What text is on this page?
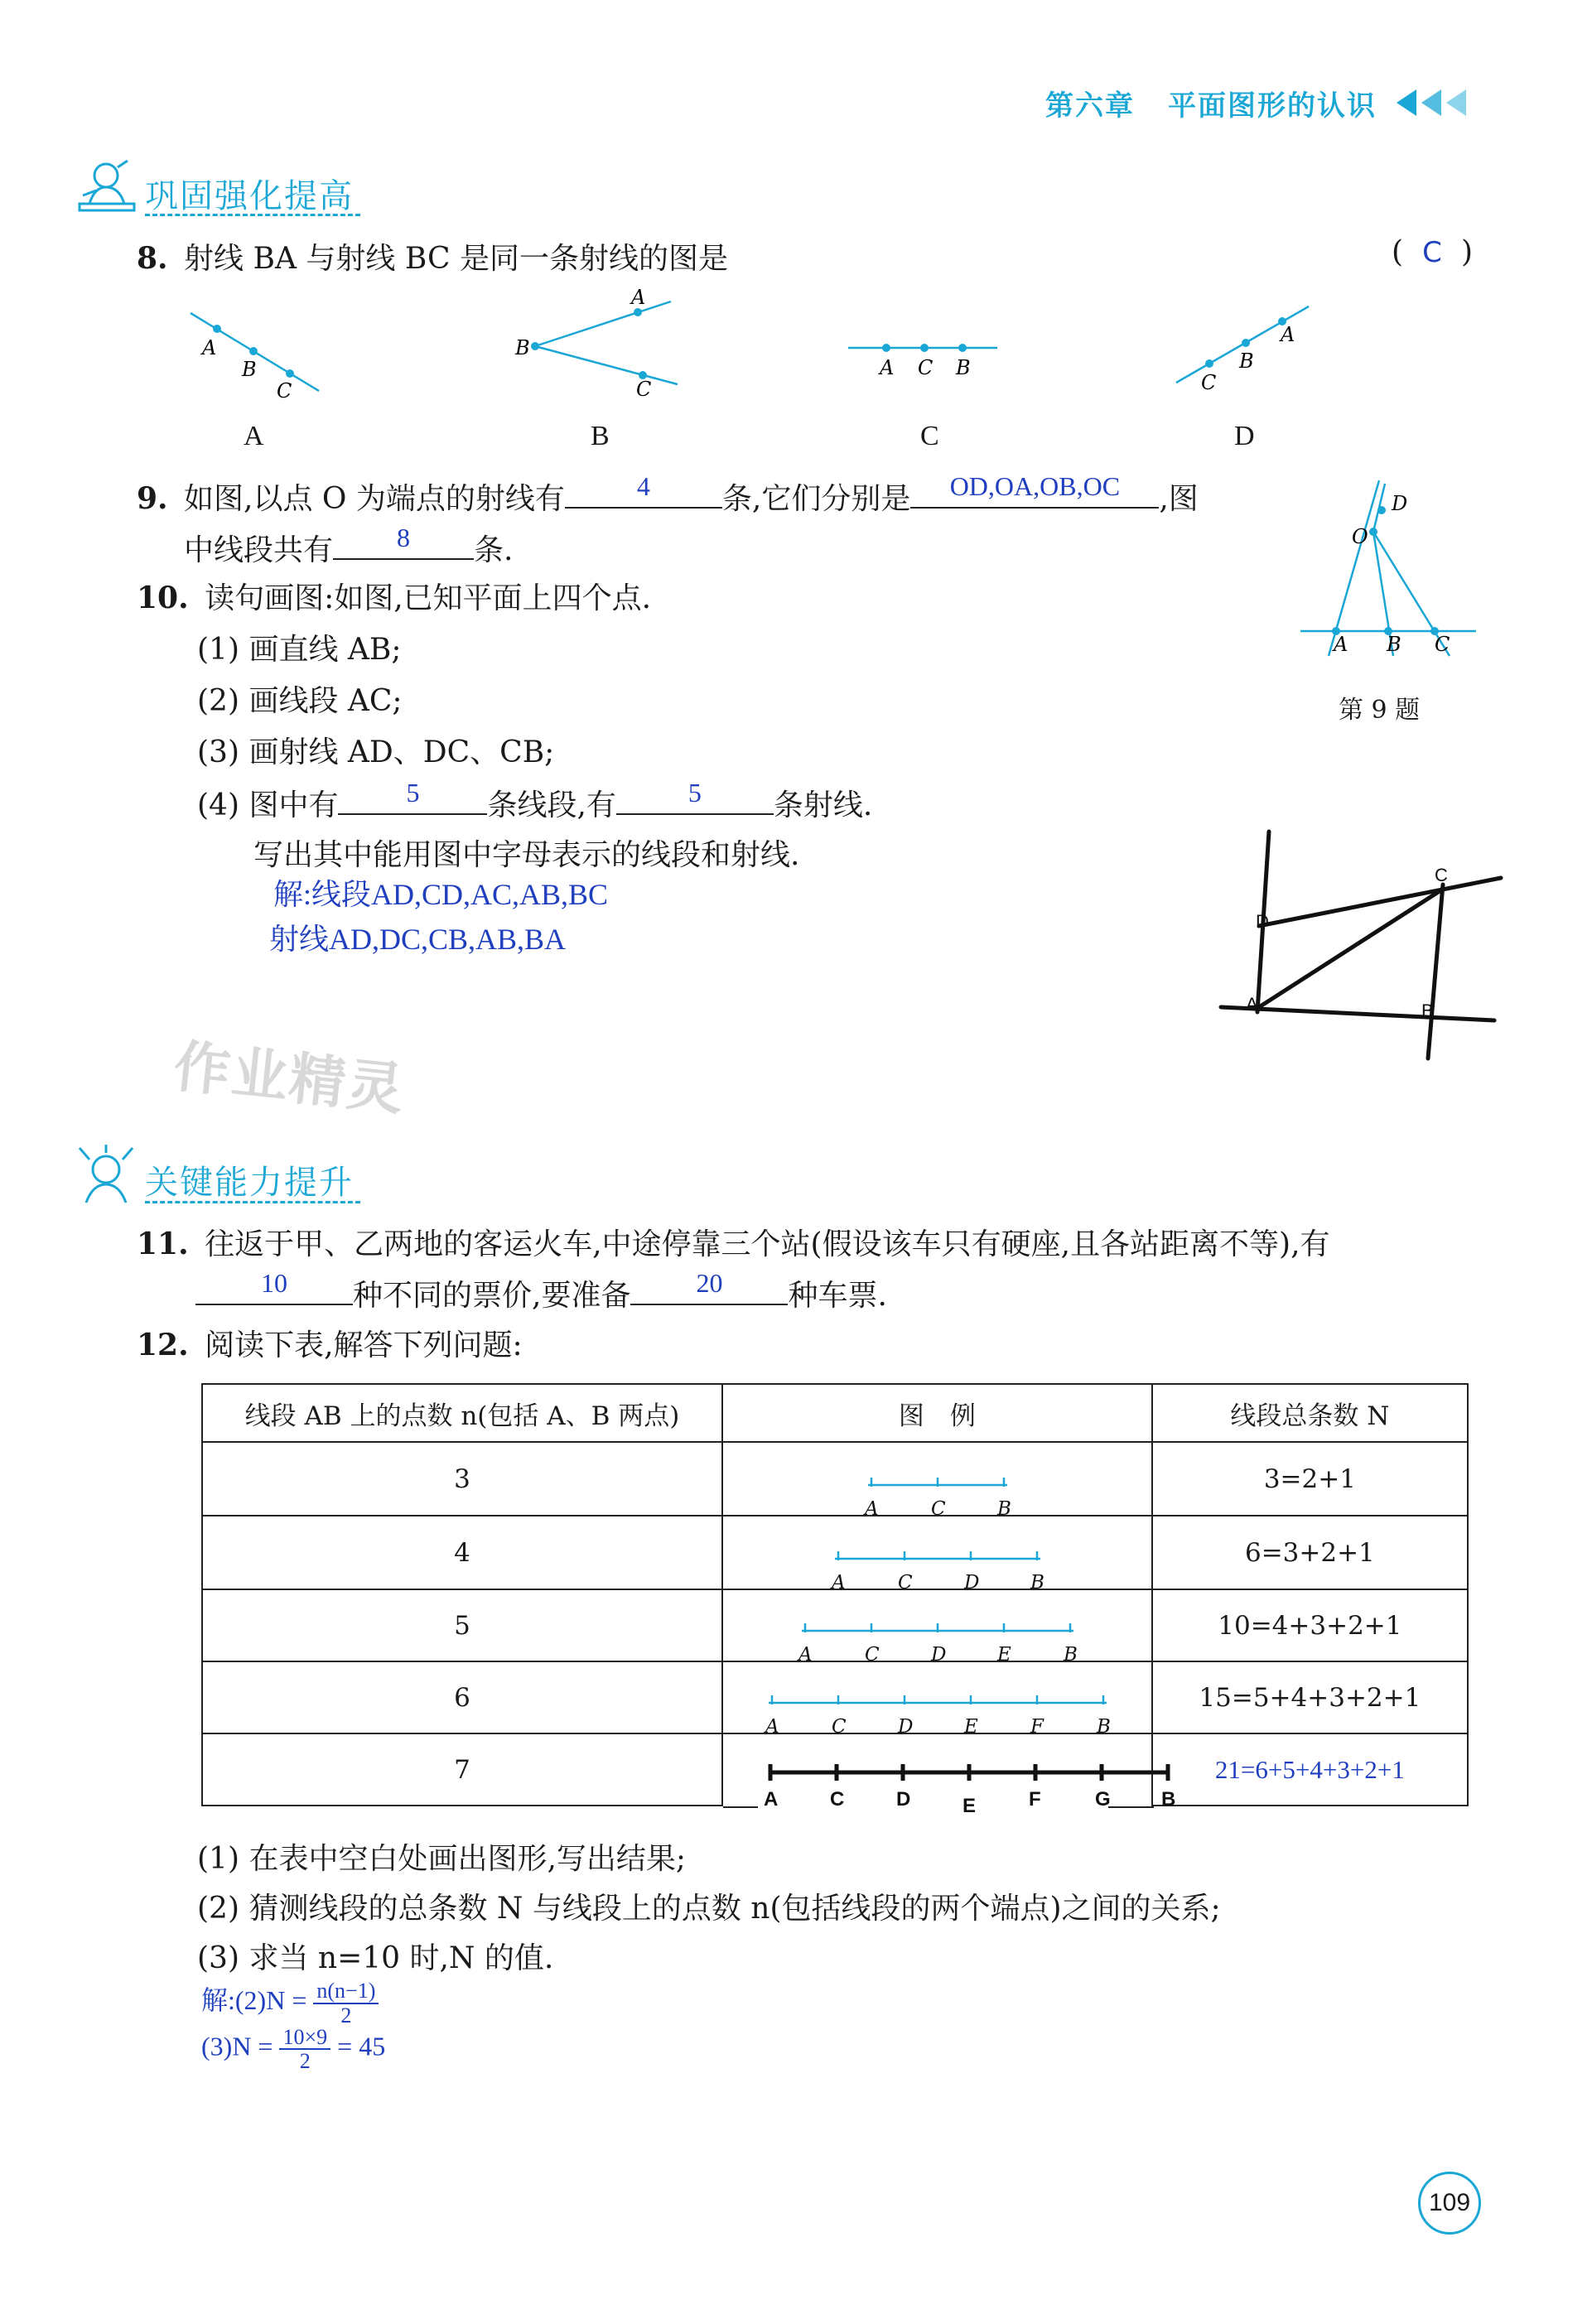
第六章 平面图形的认识
巩固强化提高
8. 射线 BA 与射线 BC 是同一条射线的图是	( C )
A
B
C
B
A
C
A C B
C
B
A
A	B	C	D
9. 如图,以点 O 为端点的射线有	4	条,它们分别是	OD,OA,OB,OC	,图
中线段共有	8	条.	O
D
A B C
第 9 题
10. 读句画图:如图,已知平面上四个点.
(1) 画直线 AB;
(2) 画线段 AC;
(3) 画射线 AD、DC、CB;
(4) 图中有	5	条线段,有	5	条射线.
写出其中能用图中字母表示的线段和射线.
解:线段AD,CD,AC,AB,BC
射线AD,DC,CB,AB,BA
D
C
A	B
作业精灵
关键能力提升
11. 往返于甲、乙两地的客运火车,中途停靠三个站(假设该车只有硬座,且各站距离不等),有
10	种不同的票价,要准备	20	种车票.
12. 阅读下表,解答下列问题:
线段 AB 上的点数 n(包括 A、B 两点)	图　例	线段总条数 N
3		3=2+1
4		6=3+2+1
5		10=4+3+2+1
6		15=5+4+3+2+1
7		21=6+5+4+3+2+1
A	C	B
A	C	D	B
A	C	D	E	B
A	C	D	E	F	B
A	C	D	E	F	G	B
(1) 在表中空白处画出图形,写出结果;
(2) 猜测线段的总条数 N 与线段上的点数 n(包括线段的两个端点)之间的关系;
(3) 求当 n=10 时,N 的值.
解:(2)N = $\frac{n(n-1)}{2}$
$(3)N = \frac{10\times 9}{2} = 45$
109
